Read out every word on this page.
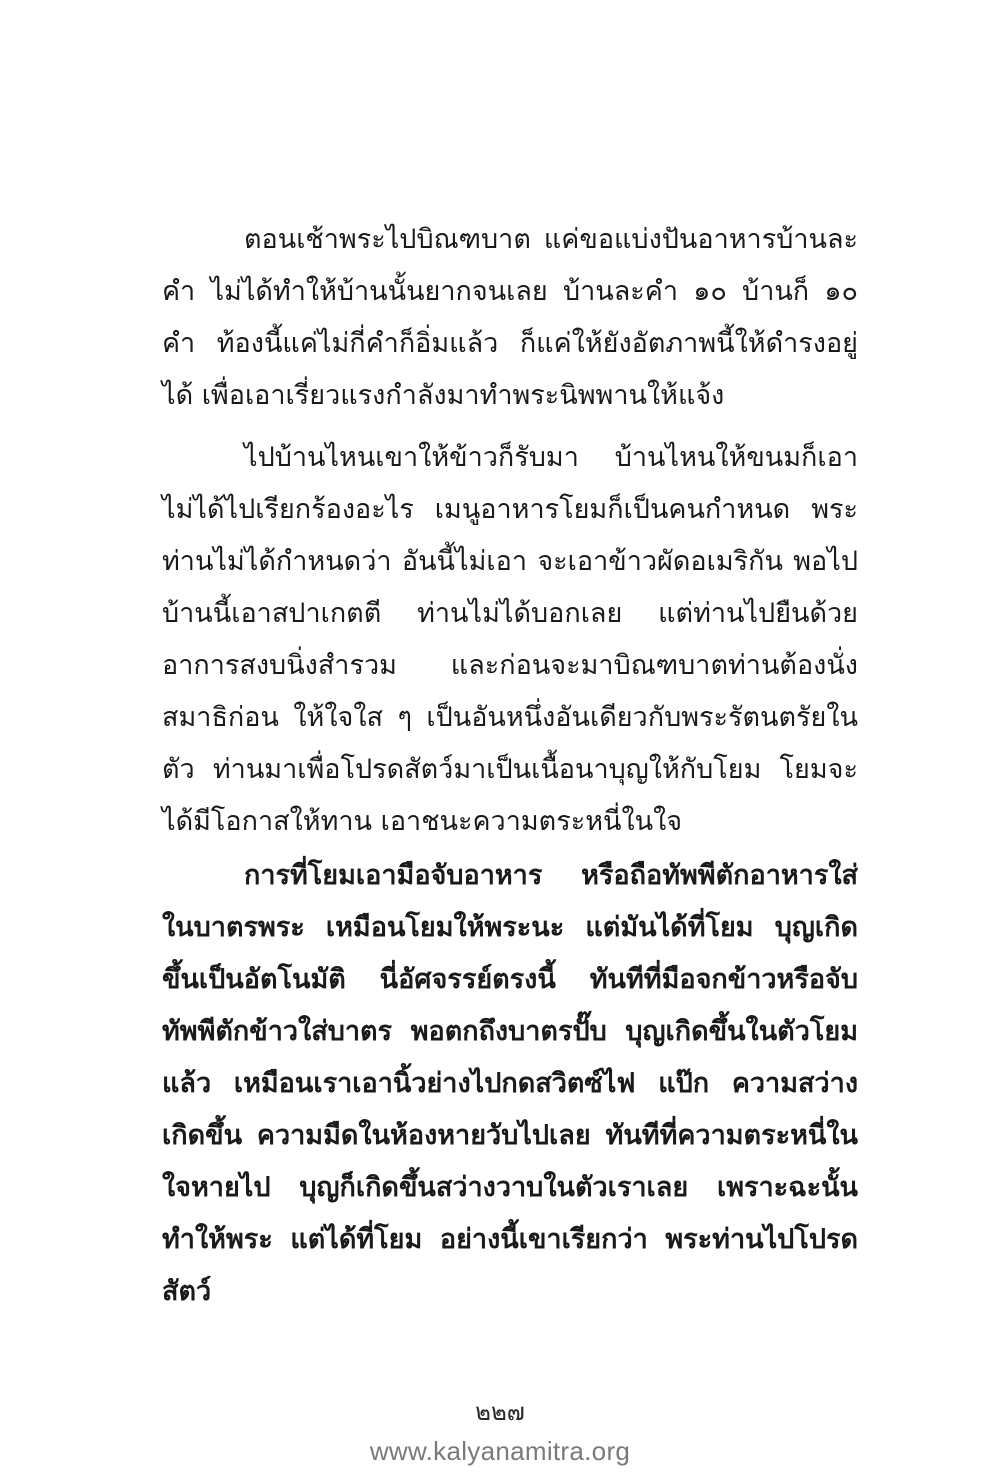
ตอนเช้าพระไปบิณฑบาต แค่ขอแบ่งปันอาหารบ้านละคำ ไม่ได้ทำให้บ้านนั้นยากจนเลย บ้านละคำ ๑๐ บ้านก็ ๑๐ คำ ท้องนี้แค่ไม่กี่คำก็อิ่มแล้ว ก็แค่ให้ยังอัตภาพนี้ให้ดำรงอยู่ได้ เพื่อเอาเรี่ยวแรงกำลังมาทำพระนิพพานให้แจ้ง

ไปบ้านไหนเขาให้ข้าวก็รับมา บ้านไหนให้ขนมก็เอา ไม่ได้ไปเรียกร้องอะไร เมนูอาหารโยมก็เป็นคนกำหนด พระท่านไม่ได้กำหนดว่า อันนี้ไม่เอา จะเอาข้าวผัดอเมริกัน พอไปบ้านนี้เอาสปาเกตตี ท่านไม่ได้บอกเลย แต่ท่านไปยืนด้วยอาการสงบนิ่งสำรวม และก่อนจะมาบิณฑบาตท่านต้องนั่งสมาธิก่อน ให้ใจใส ๆ เป็นอันหนึ่งอันเดียวกับพระรัตนตรัยในตัว ท่านมาเพื่อโปรดสัตว์มาเป็นเนื้อนาบุญให้กับโยม โยมจะได้มีโอกาสให้ทาน เอาชนะความตระหนี่ในใจ

การที่โยมเอามือจับอาหาร หรือถือทัพพีตักอาหารใส่ในบาตรพระ เหมือนโยมให้พระนะ แต่มันได้ที่โยม บุญเกิดขึ้นเป็นอัตโนมัติ นี่อัศจรรย์ตรงนี้ ทันทีที่มือจกข้าวหรือจับทัพพีตักข้าวใส่บาตร พอตกถึงบาตรปั๊บ บุญเกิดขึ้นในตัวโยมแล้ว เหมือนเราเอานิ้วย่างไปกดสวิตซ์ไฟ แป๊ก ความสว่างเกิดขึ้น ความมืดในห้องหายวับไปเลย ทันทีที่ความตระหนี่ในใจหายไป บุญก็เกิดขึ้นสว่างวาบในตัวเราเลย เพราะฉะนั้นทำให้พระ แต่ได้ที่โยม อย่างนี้เขาเรียกว่า พระท่านไปโปรดสัตว์

๒๒๗
www.kalyanamitra.org
